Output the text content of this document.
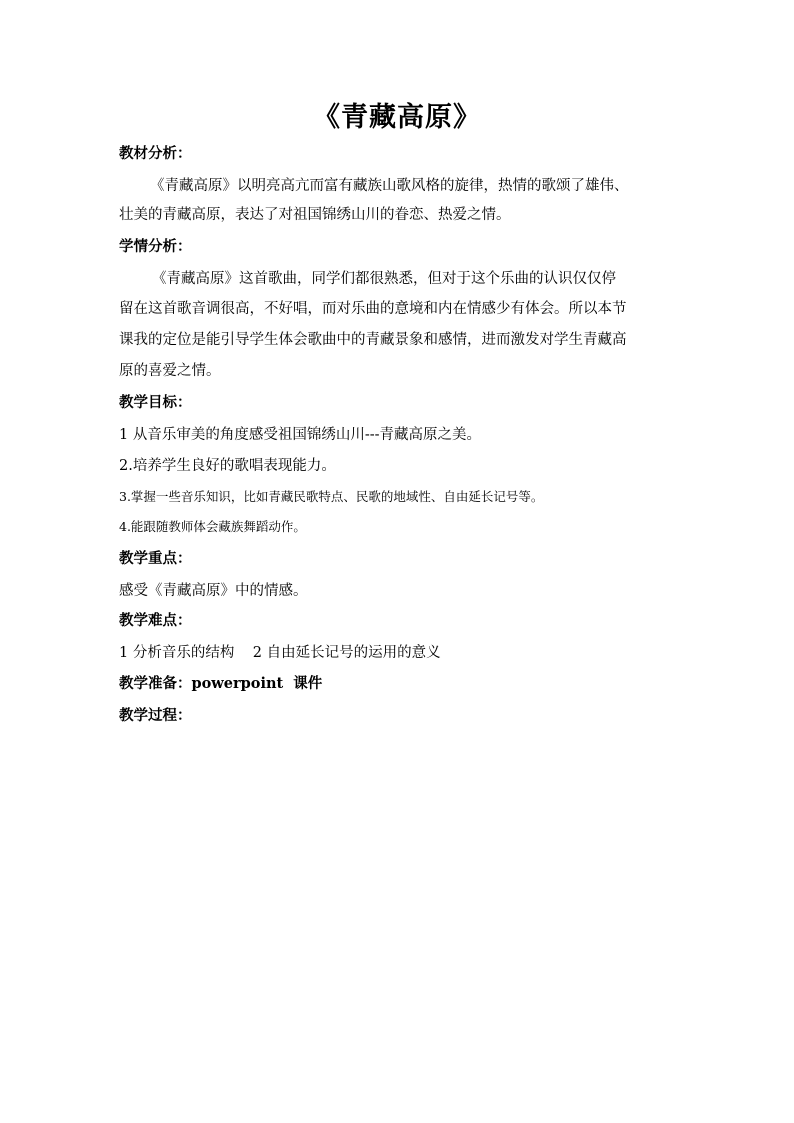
《青藏高原》
教材分析：
《青藏高原》以明亮高亢而富有藏族山歌风格的旋律，热情的歌颂了雄伟、
壮美的青藏高原，表达了对祖国锦绣山川的眷恋、热爱之情。
学情分析：
《青藏高原》这首歌曲，同学们都很熟悉，但对于这个乐曲的认识仅仅停
留在这首歌音调很高，不好唱，而对乐曲的意境和内在情感少有体会。所以本节
课我的定位是能引导学生体会歌曲中的青藏景象和感情，进而激发对学生青藏高
原的喜爱之情。
教学目标：
1 从音乐审美的角度感受祖国锦绣山川---青藏高原之美。
2.培养学生良好的歌唱表现能力。
3.掌握一些音乐知识，比如青藏民歌特点、民歌的地域性、自由延长记号等。
4.能跟随教师体会藏族舞蹈动作。
教学重点：
感受《青藏高原》中的情感。
教学难点：
1 分析音乐的结构    2 自由延长记号的运用的意义
教学准备：powerpoint  课件
教学过程：
